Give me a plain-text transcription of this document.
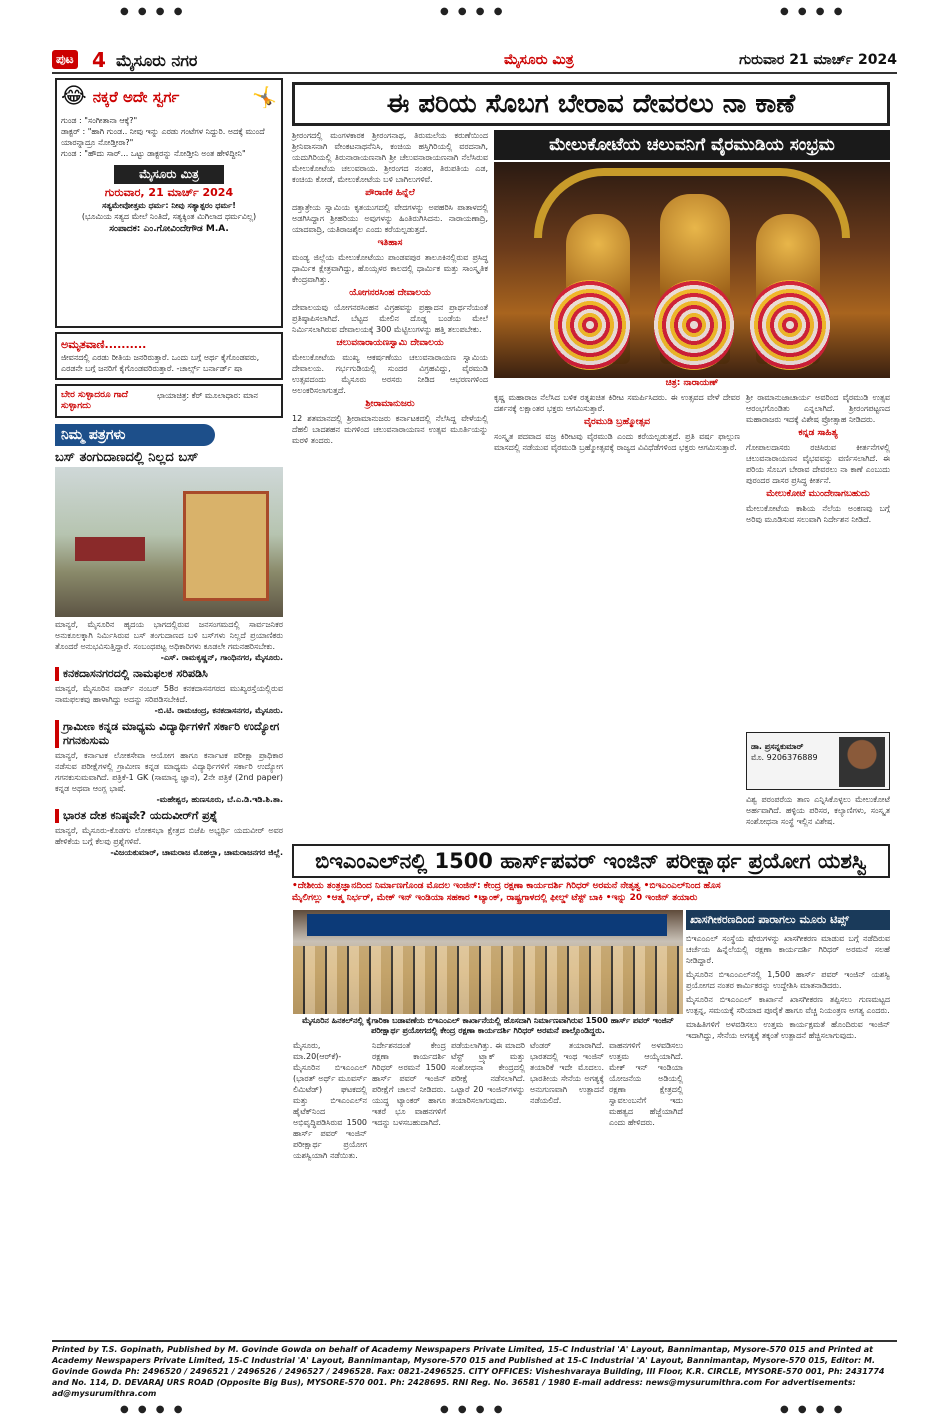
● ● ● ●	● ● ● ●	● ● ● ●
ಪುಟ 4 ಮೈಸೂರು ನಗರ	ಮೈಸೂರು ಮಿತ್ರ	ಗುರುವಾರ 21 ಮಾರ್ಚ್ 2024
😂 ನಕ್ಕರೆ ಅದೇ ಸ್ವರ್ಗ	🤸
ಗುಂಡ : "ಸಂಗೀತಾನಾ ಆಕ್ಕೆ?"
ಡಾಕ್ಟರ್ : "ಹಾಗಿ ಗುಂಡ.. ನೀವು ಇನ್ನು ಎರಡು ಗಂಟೆಗಳ ನಿದ್ದುರಿ. ಅದಕ್ಕೆ ಮುಂದೆ ಯಾರನ್ನಾದ್ರೂ ನೋಡ್ತೀರಾ?"
ಗುಂಡ : "ಹೌದು ಸಾರ್... ಒಟ್ಟು ಡಾಕ್ಟರನ್ನು ನೋಡ್ತೀನಿ ಅಂತ ಹೇಳಿದ್ದೀನಿ"
ಮೈಸೂರು ಮಿತ್ರ
ಗುರುವಾರ, 21 ಮಾರ್ಚ್ 2024
ಸತ್ಯಮೇವೋತ್ತಮ ಧರ್ಮ: ನೀವು ಸತ್ಯಾತ್ಪರಂ ಧರ್ಮ!
(ಭೂಮಿಯ ಸತ್ಯದ ಮೇಲೆ ನಿಂತಿದೆ, ಸತ್ಯಕ್ಕಿಂತ ಮಿಗಿಲಾದ ಧರ್ಮವಿಲ್ಲ)
ಸಂಪಾದಕ: ಎಂ.ಗೋವಿಂದೇಗೌಡ M.A.
ಅಮೃತವಾಣಿ..........
ಜೀವನದಲ್ಲಿ ಎರಡು ರೀತಿಯ ಜನರಿರುತ್ತಾರೆ. ಒಂದು ಬಗ್ಗೆ ಅರ್ಥ ಕೈಗೊಂಡವರು, ಎರಡನೇ ಬಗ್ಗೆ ಜನರಿಗೆ ಕೈಗೊಂಡವರಿರುತ್ತಾರೆ. -ಚಾರ್ಲ್ಸ್ ಬರ್ನಾರ್ಡ್ ಷಾ
ಬೇರ ಸುಳ್ಳಾದರೂ ಗಾದೆ ಸುಳ್ಳಾಗದು
ಛಾಯಾಚಿತ್ರ: ಕೆರ್ ಮೂಲಾಧಾರ: ಮಾನ
ನಿಮ್ಮ ಪತ್ರಗಳು
ಬಸ್ ತಂಗುದಾಣದಲ್ಲಿ ನಿಲ್ಲದ ಬಸ್
ಮಾನ್ಯರೆ, ಮೈಸೂರಿನ ಹೃದಯ ಭಾಗದಲ್ಲಿರುವ ಜನಸಂಗಮದಲ್ಲಿ ಸಾರ್ವಜನಿಕರ ಅನುಕೂಲಕ್ಕಾಗಿ ನಿರ್ಮಿಸಿರುವ ಬಸ್ ತಂಗುದಾಣದ ಬಳಿ ಬಸ್‌ಗಳು ನಿಲ್ಲದೆ ಪ್ರಯಾಣಿಕರು ತೊಂದರೆ ಅನುಭವಿಸುತ್ತಿದ್ದಾರೆ. ಸಂಬಂಧಪಟ್ಟ ಅಧಿಕಾರಿಗಳು ಕೂಡಲೇ ಗಮನಹರಿಸಬೇಕು.
-ಎಸ್. ರಾಮಕೃಷ್ಣನ್, ಗಾಂಧಿನಗರ, ಮೈಸೂರು.
ಕನಕದಾಸನಗರದಲ್ಲಿ ನಾಮಫಲಕ ಸರಿಪಡಿಸಿ
ಮಾನ್ಯರೆ, ಮೈಸೂರಿನ ವಾರ್ಡ್ ನಂಬರ್ 58ರ ಕನಕದಾಸನಗರದ ಮುಖ್ಯರಸ್ತೆಯಲ್ಲಿರುವ ನಾಮಫಲಕವು ಹಾಳಾಗಿದ್ದು ಅದನ್ನು ಸರಿಪಡಿಸಬೇಕಿದೆ.
-ಬಿ.ಟಿ. ರಾಮಚಂದ್ರ, ಕನಕದಾಸನಗರ, ಮೈಸೂರು.
ಗ್ರಾಮೀಣ ಕನ್ನಡ ಮಾಧ್ಯಮ ವಿದ್ಯಾರ್ಥಿಗಳಿಗೆ ಸರ್ಕಾರಿ ಉದ್ಯೋಗ ಗಗನಕುಸುಮ
ಮಾನ್ಯರೆ, ಕರ್ನಾಟಕ ಲೋಕಸೇವಾ ಆಯೋಗ ಹಾಗೂ ಕರ್ನಾಟಕ ಪರೀಕ್ಷಾ ಪ್ರಾಧಿಕಾರ ನಡೆಸುವ ಪರೀಕ್ಷೆಗಳಲ್ಲಿ ಗ್ರಾಮೀಣ ಕನ್ನಡ ಮಾಧ್ಯಮ ವಿದ್ಯಾರ್ಥಿಗಳಿಗೆ ಸರ್ಕಾರಿ ಉದ್ಯೋಗ ಗಗನಕುಸುಮವಾಗಿದೆ. ಪತ್ರಿಕೆ-1 GK (ಸಾಮಾನ್ಯ ಜ್ಞಾನ), 2ನೇ ಪತ್ರಿಕೆ (2nd paper) ಕನ್ನಡ ಅಥವಾ ಆಂಗ್ಲ ಭಾಷೆ.
-ಮಹೇಶ್ವರ, ಹುಣಸೂರು, ಬೆ.ಎ.ಡಿ.ಇಡಿ.ಶಿ.ತಾ.
ಭಾರತ ದೇಶ ಕನಿಷ್ಠವೇ? ಯದುವೀರ್‌ಗೆ ಪ್ರಶ್ನೆ
ಮಾನ್ಯರೆ, ಮೈಸೂರು-ಕೊಡಗು ಲೋಕಸಭಾ ಕ್ಷೇತ್ರದ ಬಿಜೆಪಿ ಅಭ್ಯರ್ಥಿ ಯದುವೀರ್ ಅವರ ಹೇಳಿಕೆಯ ಬಗ್ಗೆ ಕೆಲವು ಪ್ರಶ್ನೆಗಳಿವೆ.
-ವಿಜಯಕುಮಾರ್, ಚಾಮರಾಜ ಮೊಹಲ್ಲಾ, ಚಾಮರಾಜನಗರ ಜಿಲ್ಲೆ.
ಈ ಪರಿಯ ಸೊಬಗ ಬೇರಾವ ದೇವರಲು ನಾ ಕಾಣೆ
ಮೇಲುಕೋಟೆಯ ಚಲುವನಿಗೆ ವೈರಮುಡಿಯ ಸಂಭ್ರಮ
ಚಿತ್ರ: ನಾರಾಯಣ್
ಶ್ರೀರಂಗದಲ್ಲಿ ಮಂಗಳಕಾರಕ ಶ್ರೀರಂಗನಾಥ, ತಿರುಮಲೆಯ ಕರುಣೆಯಿಂದ ಶ್ರೀನಿವಾಸನಾಗಿ ವೇಂಕಟನಾಥನೆನಿಸಿ, ಕಂಚಿಯ ಹಸ್ತಿಗಿರಿಯಲ್ಲಿ ವರದನಾಗಿ, ಯದುಗಿರಿಯಲ್ಲಿ ತಿರುನಾರಾಯಣನಾಗಿ ಶ್ರೀ ಚೆಲುವನಾರಾಯಣನಾಗಿ ನೆಲೆಸಿರುವ ಮೇಲುಕೋಟೆಯ ಚಲುವರಾಯ. ಶ್ರೀರಂಗದ ನಂತರ, ತಿರುಪತಿಯ ಎಡ, ಕಂಚಿಯ ಕೋಡೆ, ಮೇಲುಕೋಟೆಯ ಬಳಿ ಬಾಗಿಲುಗಳಿವೆ.
ಪೌರಾಣಿಕ ಹಿನ್ನೆಲೆ
ದತ್ತಾತ್ರೇಯ ಸ್ವಾಮಿಯ ಕೃತಯುಗದಲ್ಲಿ ವೇದಗಳನ್ನು ಅಪಹರಿಸಿ ಪಾತಾಳದಲ್ಲಿ ಅಡಗಿಸಿದ್ದಾಗ ಶ್ರೀಹರಿಯು ಅವುಗಳನ್ನು ಹಿಂತಿರುಗಿಸಿದನು. ನಾರಾಯಣಾದ್ರಿ, ಯಾದವಾದ್ರಿ, ಯತಿರಾಜಶೈಲ ಎಂದು ಕರೆಯಲ್ಪಡುತ್ತದೆ.
ಇತಿಹಾಸ
ಮಂಡ್ಯ ಜಿಲ್ಲೆಯ ಮೇಲುಕೋಟೆಯು ಪಾಂಡವಪುರ ತಾಲೂಕಿನಲ್ಲಿರುವ ಪ್ರಸಿದ್ಧ ಧಾರ್ಮಿಕ ಕ್ಷೇತ್ರವಾಗಿದ್ದು, ಹೊಯ್ಸಳರ ಕಾಲದಲ್ಲಿ ಧಾರ್ಮಿಕ ಮತ್ತು ಸಾಂಸ್ಕೃತಿಕ ಕೇಂದ್ರವಾಗಿತ್ತು.
ಯೋಗನರಸಿಂಹ ದೇವಾಲಯ
ದೇವಾಲಯವು ಯೋಗನರಸಿಂಹನ ವಿಗ್ರಹವನ್ನು ಪ್ರಹ್ಲಾದನ ಪ್ರಾರ್ಥನೆಯಂತೆ ಪ್ರತಿಷ್ಠಾಪಿಸಲಾಗಿದೆ. ಬೆಟ್ಟದ ಮೇಲಿನ ದೊಡ್ಡ ಬಂಡೆಯ ಮೇಲೆ ನಿರ್ಮಿಸಲಾಗಿರುವ ದೇವಾಲಯಕ್ಕೆ 300 ಮೆಟ್ಟಿಲುಗಳನ್ನು ಹತ್ತಿ ತಲುಪಬೇಕು.
ಚಲುವನಾರಾಯಣಸ್ವಾಮಿ ದೇವಾಲಯ
ಮೇಲುಕೋಟೆಯ ಮುಖ್ಯ ಆಕರ್ಷಣೆಯು ಚಲುವನಾರಾಯಣ ಸ್ವಾಮಿಯ ದೇವಾಲಯ. ಗರ್ಭಗುಡಿಯಲ್ಲಿ ಸುಂದರ ವಿಗ್ರಹವಿದ್ದು, ವೈರಮುಡಿ ಉತ್ಸವದಂದು ಮೈಸೂರು ಅರಸರು ನೀಡಿದ ಆಭರಣಗಳಿಂದ ಅಲಂಕರಿಸಲಾಗುತ್ತದೆ.
ಶ್ರೀರಾಮಾನುಜರು
12 ಶತಮಾನದಲ್ಲಿ ಶ್ರೀರಾಮಾನುಜರು ಕರ್ನಾಟಕದಲ್ಲಿ ನೆಲೆಸಿದ್ದ ವೇಳೆಯಲ್ಲಿ ದೆಹಲಿ ಬಾದಶಹನ ಮಗಳಿಂದ ಚಲುವನಾರಾಯಣನ ಉತ್ಸವ ಮೂರ್ತಿಯನ್ನು ಮರಳಿ ತಂದರು.
ಕೃಷ್ಣ ಮಹಾರಾಜ ನೆಲೆಸಿದ ಬಳಿಕ ರತ್ನಖಚಿತ ಕಿರೀಟ ಸಮರ್ಪಿಸಿದರು. ಈ ಉತ್ಸವದ ವೇಳೆ ದೇವರ ದರ್ಶನಕ್ಕೆ ಲಕ್ಷಾಂತರ ಭಕ್ತರು ಆಗಮಿಸುತ್ತಾರೆ.
ವೈರಮುಡಿ ಬ್ರಹ್ಮೋತ್ಸವ
ಸಂಸ್ಕೃತ ಪದವಾದ ವಜ್ರ ಕಿರೀಟವು ವೈರಮುಡಿ ಎಂದು ಕರೆಯಲ್ಪಡುತ್ತದೆ. ಪ್ರತಿ ವರ್ಷ ಫಾಲ್ಗುಣ ಮಾಸದಲ್ಲಿ ನಡೆಯುವ ವೈರಮುಡಿ ಬ್ರಹ್ಮೋತ್ಸವಕ್ಕೆ ರಾಜ್ಯದ ವಿವಿಧೆಡೆಗಳಿಂದ ಭಕ್ತರು ಆಗಮಿಸುತ್ತಾರೆ.
ಶ್ರೀ ರಾಮಾನುಜಾಚಾರ್ಯ ಅವರಿಂದ ವೈರಮುಡಿ ಉತ್ಸವ ಆರಂಭಗೊಂಡಿತು ಎನ್ನಲಾಗಿದೆ. ಶ್ರೀರಂಗಪಟ್ಟಣದ ಮಹಾರಾಜರು ಇದಕ್ಕೆ ವಿಶೇಷ ಪ್ರೋತ್ಸಾಹ ನೀಡಿದರು.
ಕನ್ನಡ ಸಾಹಿತ್ಯ
ಗೋಪಾಲದಾಸರು ರಚಿಸಿರುವ ಕೀರ್ತನೆಗಳಲ್ಲಿ ಚಲುವನಾರಾಯಣನ ವೈಭವವನ್ನು ವರ್ಣಿಸಲಾಗಿದೆ. ಈ ಪರಿಯ ಸೊಬಗ ಬೇರಾವ ದೇವರಲು ನಾ ಕಾಣೆ ಎಂಬುದು ಪುರಂದರ ದಾಸರ ಪ್ರಸಿದ್ಧ ಕೀರ್ತನೆ.
ಮೇಲುಕೋಟೆ ಮುಂದೇನಾಗಬಹುದು
ಮೇಲುಕೋಟೆಯ ಕಾಶಿಯ ನೆಲೆಯ ಅಂಕಣವು ಬಗ್ಗೆ ಅರಿವು ಮೂಡಿಸುವ ಸಲುವಾಗಿ ನಿರ್ದೇಶನ ನೀಡಿದೆ.
ಡಾ. ಪ್ರಸನ್ನಕುಮಾರ್
ಮೊ. 9206376889
ವಿಶ್ವ ಪರಂಪರೆಯ ತಾಣ ಎನ್ನಿಸಿಕೊಳ್ಳಲು ಮೇಲುಕೋಟೆ ಅರ್ಹವಾಗಿದೆ. ಹಳ್ಳಿಯ ಪರಿಸರ, ಕಲ್ಯಾಣಿಗಳು, ಸಂಸ್ಕೃತ ಸಂಶೋಧನಾ ಸಂಸ್ಥೆ ಇಲ್ಲಿನ ವಿಶೇಷ.
ಬಿಇಎಂಎಲ್‌ನಲ್ಲಿ 1500 ಹಾರ್ಸ್‌ಪವರ್ ಇಂಜಿನ್ ಪರೀಕ್ಷಾರ್ಥ ಪ್ರಯೋಗ ಯಶಸ್ವಿ
•ದೇಶೀಯ ತಂತ್ರಜ್ಞಾನದಿಂದ ನಿರ್ಮಾಣಗೊಂಡ ಮೊದಲ ಇಂಜಿನ್: ಕೇಂದ್ರ ರಕ್ಷಣಾ ಕಾರ್ಯದರ್ಶಿ ಗಿರಿಧರ್ ಅರಮನೆ ನೇತೃತ್ವ •ಬಿಇಎಂಎಲ್‌ನಿಂದ ಹೊಸ
ಮೈಲಿಗಲ್ಲು •ಆತ್ಮ ನಿರ್ಭರ್, ಮೇಕ್ ಇನ್ ಇಂಡಿಯಾ ಸಹಕಾರ •ಟ್ಯಾಂಕ್, ರಾಷ್ಟ್ರಗಾಳದಲ್ಲಿ ಫೀಲ್ಡ್ ಟೆಸ್ಟ್ ಬಾಕಿ •ಇನ್ನು 20 ಇಂಜಿನ್ ತಯಾರು
ಮೈಸೂರಿನ ಹಿನಕಲ್‌ನಲ್ಲಿ ಕೈಗಾರಿಕಾ ಬಡಾವಣೆಯ ಬಿಇಎಂಎಲ್ ಕಾರ್ಖಾನೆಯಲ್ಲಿ ಹೊಸದಾಗಿ ನಿರ್ಮಾಣವಾಗಿರುವ 1500 ಹಾರ್ಸ್ ಪವರ್ ಇಂಜಿನ್ ಪರೀಕ್ಷಾರ್ಥ ಪ್ರಯೋಗದಲ್ಲಿ ಕೇಂದ್ರ ರಕ್ಷಣಾ ಕಾರ್ಯದರ್ಶಿ ಗಿರಿಧರ್ ಅರಮನೆ ಪಾಲ್ಗೊಂಡಿದ್ದರು.
ಮೈಸೂರು, ಮಾ.20(ಆರ್‌ಕೆ)- ಮೈಸೂರಿನ ಬಿಇಎಂಎಲ್ (ಭಾರತ್ ಅರ್ಥ್ ಮೂವರ್ಸ್ ಲಿಮಿಟೆಡ್) ಘಟಕದಲ್ಲಿ ಮತ್ತು ಬಿಇಎಂಎಲ್‌ನ ಹೈಟೆಕ್‌ನಿಂದ ಅಭಿವೃದ್ಧಿಪಡಿಸಿರುವ 1500 ಹಾರ್ಸ್ ಪವರ್ ಇಂಜಿನ್ ಪರೀಕ್ಷಾರ್ಥ ಪ್ರಯೋಗ ಯಶಸ್ವಿಯಾಗಿ ನಡೆಯಿತು.
ನಿರ್ದೇಶನದಂತೆ ಕೇಂದ್ರ ರಕ್ಷಣಾ ಕಾರ್ಯದರ್ಶಿ ಗಿರಿಧರ್ ಅರಮನೆ 1500 ಹಾರ್ಸ್ ಪವರ್ ಇಂಜಿನ್ ಪರೀಕ್ಷೆಗೆ ಚಾಲನೆ ನೀಡಿದರು. ಯುದ್ಧ ಟ್ಯಾಂಕರ್ ಹಾಗೂ ಇತರೆ ಭೂ ವಾಹನಗಳಿಗೆ ಇದನ್ನು ಬಳಸಬಹುದಾಗಿದೆ.
ಪಡೆಯಲಾಗಿತ್ತು. ಈ ಮಾದರಿ ಟೆಸ್ಟ್ ಟ್ರ್ಯಾಕ್ ಮತ್ತು ಸಂಶೋಧನಾ ಕೇಂದ್ರದಲ್ಲಿ ಪರೀಕ್ಷೆ ನಡೆಸಲಾಗಿದೆ. ಒಟ್ಟಾರೆ 20 ಇಂಜಿನ್‌ಗಳನ್ನು ತಯಾರಿಸಲಾಗುವುದು.
ಟೆಂಡರ್ ತಯಾರಾಗಿದೆ. ಭಾರತದಲ್ಲಿ ಇಂಥ ಇಂಜಿನ್ ತಯಾರಿಕೆ ಇದೇ ಮೊದಲು. ಭಾರತೀಯ ಸೇನೆಯ ಅಗತ್ಯಕ್ಕೆ ಅನುಗುಣವಾಗಿ ಉತ್ಪಾದನೆ ನಡೆಯಲಿದೆ.
ವಾಹನಗಳಿಗೆ ಅಳವಡಿಸಲು ಉತ್ತಮ ಆಯ್ಕೆಯಾಗಿದೆ. ಮೇಕ್ ಇನ್ ಇಂಡಿಯಾ ಯೋಜನೆಯ ಅಡಿಯಲ್ಲಿ ರಕ್ಷಣಾ ಕ್ಷೇತ್ರದಲ್ಲಿ ಸ್ವಾವಲಂಬನೆಗೆ ಇದು ಮಹತ್ವದ ಹೆಜ್ಜೆಯಾಗಿದೆ ಎಂದು ಹೇಳಿದರು.
ಖಾಸಗೀಕರಣದಿಂದ ಪಾರಾಗಲು ಮೂರು ಟಿಪ್ಸ್
ಬಿಇಎಂಎಲ್ ಸಂಸ್ಥೆಯ ಷೇರುಗಳನ್ನು ಖಾಸಗೀಕರಣ ಮಾಡುವ ಬಗ್ಗೆ ನಡೆದಿರುವ ಚರ್ಚೆಯ ಹಿನ್ನೆಲೆಯಲ್ಲಿ ರಕ್ಷಣಾ ಕಾರ್ಯದರ್ಶಿ ಗಿರಿಧರ್ ಅರಮನೆ ಸಲಹೆ ನೀಡಿದ್ದಾರೆ.
ಮೈಸೂರಿನ ಬಿಇಎಂಎಲ್‌ನಲ್ಲಿ 1,500 ಹಾರ್ಸ್ ಪವರ್ ಇಂಜಿನ್ ಯಶಸ್ವಿ ಪ್ರಯೋಗದ ನಂತರ ಕಾರ್ಮಿಕರನ್ನು ಉದ್ದೇಶಿಸಿ ಮಾತನಾಡಿದರು.
ಮೈಸೂರಿನ ಬಿಇಎಂಎಲ್ ಕಾರ್ಖಾನೆ ಖಾಸಗೀಕರಣ ತಪ್ಪಿಸಲು ಗುಣಮಟ್ಟದ ಉತ್ಪನ್ನ, ಸಮಯಕ್ಕೆ ಸರಿಯಾದ ಪೂರೈಕೆ ಹಾಗೂ ವೆಚ್ಚ ನಿಯಂತ್ರಣ ಅಗತ್ಯ ಎಂದರು.
ಮಾಹಿತಿಗಳಿಗೆ ಅಳವಡಿಸಲು ಉತ್ತಮ ಕಾರ್ಯಕ್ಷಮತೆ ಹೊಂದಿರುವ ಇಂಜಿನ್ ಇದಾಗಿದ್ದು, ಸೇನೆಯ ಅಗತ್ಯಕ್ಕೆ ತಕ್ಕಂತೆ ಉತ್ಪಾದನೆ ಹೆಚ್ಚಿಸಲಾಗುವುದು.
Printed by T.S. Gopinath, Published by M. Govinde Gowda on behalf of Academy Newspapers Private Limited, 15-C Industrial 'A' Layout, Bannimantap, Mysore-570 015 and Printed at Academy Newspapers Private Limited, 15-C Industrial 'A' Layout, Bannimantap, Mysore-570 015 and Published at 15-C Industrial 'A' Layout, Bannimantap, Mysore-570 015, Editor: M. Govinde Gowda Ph: 2496520 / 2496521 / 2496526 / 2496527 / 2496528. Fax: 0821-2496525. CITY OFFICES: Visheshvaraya Building, III Floor, K.R. CIRCLE, MYSORE-570 001, Ph: 2431774 and No. 114, D. DEVARAJ URS ROAD (Opposite Big Bus), MYSORE-570 001. Ph: 2428695. RNI Reg. No. 36581 / 1980 E-mail address: news@mysurumithra.com For advertisements: ad@mysurumithra.com
● ● ● ●	● ● ● ●	● ● ● ●
